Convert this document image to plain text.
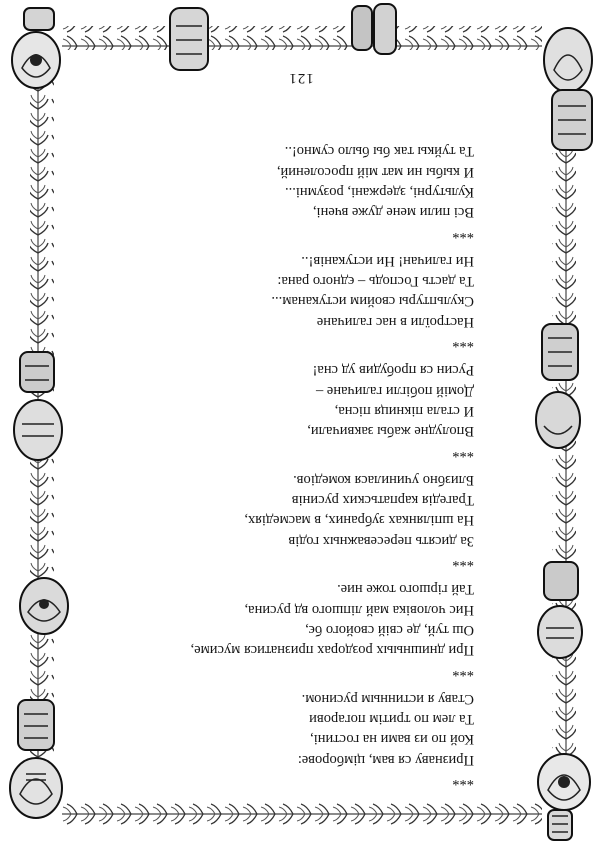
***
Признаву ся вам, цімборове:
Кой пo из вами на гостині,
Та лем по тритім погарови
Ставу я истинным русином.
***
При днишныых роздорах признатися мусиме,
Ош туй, де свій свойого бє,
Нис чоловіка май ліпшого вд русина,
Тай гіршого тоже ние.
***
За дисять пересеважных годів
На шпілянках зубраних, в масмедіях,
Трагедія карпатьских русинів
Близбно учинилася комедіов.
***
Вполудне жабы заквичали,
И стала пікниця пісна,
Домій побігли галичане –
Русин ся пробудив уд сна!
***
Настроїли в нас галичане
Скульптуры свойим истуканам...
Та дасть Господь – єдного рана:
Ни галичан! Ни истуканів!..
***
Всі пили мене дуже вчені,
Культурні, здержані, розумні...
И кыбы ни мат мій просолений,
Та туйкы так бы было сумно!..
121
